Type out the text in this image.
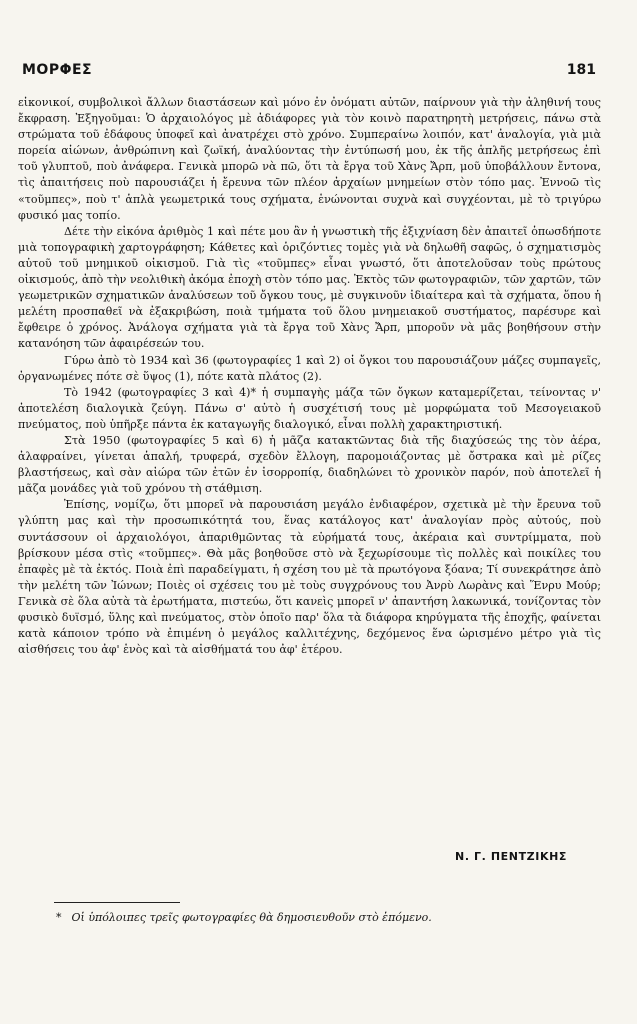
ΜΟΡΦΕΣ	181

εἰκονικοί, συμβολικοὶ ἄλλων διαστάσεων καὶ μόνο ἐν ὀνόματι αὐτῶν, παίρνουν γιὰ τὴν ἀληθινή τους ἔκφραση. Ἐξηγοῦμαι: Ὁ ἀρχαιολόγος μὲ ἀδιάφορες γιὰ τὸν κοινὸ παρατηρητὴ μετρήσεις, πάνω στὰ στρώματα τοῦ ἐδάφους ὑποφεῖ καὶ ἀνατρέχει στὸ χρόνο. Συμπεραίνω λοιπόν, κατ' ἀναλογία, γιὰ μιὰ πορεία αἰώνων, ἀνθρώπινη καὶ ζωϊκή, ἀναλύοντας τὴν ἐντύπωσή μου, ἐκ τῆς ἁπλῆς μετρήσεως ἐπὶ τοῦ γλυπτοῦ, ποὺ ἀνάφερα. Γενικὰ μπορῶ νὰ πῶ, ὅτι τὰ ἔργα τοῦ Χὰνς Ἄρπ, μοῦ ὑποβάλλουν ἔντονα, τὶς ἀπαιτήσεις ποὺ παρουσιάζει ἡ ἔρευνα τῶν πλέον ἀρχαίων μνημείων στὸν τόπο μας. Ἐννοῶ τὶς «τοῦμπες», ποὺ τ' ἁπλὰ γεωμετρικά τους σχήματα, ἑνώνονται συχνὰ καὶ συγχέονται, μὲ τὸ τριγύρω φυσικό μας τοπίο.

Δέτε τὴν εἰκόνα ἀριθμὸς 1 καὶ πέτε μου ἂν ἡ γνωστικὴ τῆς ἐξιχνίαση δὲν ἀπαιτεῖ ὁπωσδήποτε μιὰ τοπογραφικὴ χαρτογράφηση; Κάθετες καὶ ὁριζόντιες τομὲς γιὰ νὰ δηλωθῆ σαφῶς, ὁ σχηματισμὸς αὐτοῦ τοῦ μνημικοῦ οἰκισμοῦ. Γιὰ τὶς «τοῦμπες» εἶναι γνωστό, ὅτι ἀποτελοῦσαν τοὺς πρώτους οἰκισμούς, ἀπὸ τὴν νεολιθικὴ ἀκόμα ἐποχὴ στὸν τόπο μας. Ἐκτὸς τῶν φωτογραφιῶν, τῶν χαρτῶν, τῶν γεωμετρικῶν σχηματικῶν ἀναλύσεων τοῦ ὄγκου τους, μὲ συγκινοῦν ἰδιαίτερα καὶ τὰ σχήματα, ὅπου ἡ μελέτη προσπαθεῖ νὰ ἐξακριβώση, ποιὰ τμήματα τοῦ ὅλου μνημειακοῦ συστήματος, παρέσυρε καὶ ἔφθειρε ὁ χρόνος. Ἀνάλογα σχήματα γιὰ τὰ ἔργα τοῦ Χὰνς Ἄρπ, μποροῦν νὰ μᾶς βοηθήσουν στὴν κατανόηση τῶν ἀφαιρέσεών του.

Γύρω ἀπὸ τὸ 1934 καὶ 36 (φωτογραφίες 1 καὶ 2) οἱ ὄγκοι του παρουσιάζουν μάζες συμπαγεῖς, ὀργανωμένες πότε σὲ ὕψος (1), πότε κατὰ πλάτος (2).

Τὸ 1942 (φωτογραφίες 3 καὶ 4)* ἡ συμπαγὴς μάζα τῶν ὄγκων καταμερίζεται, τείνοντας ν' ἀποτελέση διαλογικὰ ζεύγη. Πάνω σ' αὐτὸ ἡ συσχέτισή τους μὲ μορφώματα τοῦ Μεσογειακοῦ πνεύματος, ποὺ ὑπῆρξε πάντα ἐκ καταγωγῆς διαλογικό, εἶναι πολλὴ χαρακτηριστική.

Στὰ 1950 (φωτογραφίες 5 καὶ 6) ἡ μᾶζα κατακτῶντας διὰ τῆς διαχύσεώς της τὸν ἀέρα, ἀλαφραίνει, γίνεται ἁπαλή, τρυφερά, σχεδὸν ἔλλογη, παρομοιάζοντας μὲ ὄστρακα καὶ μὲ ρίζες βλαστήσεως, καὶ σὰν αἰώρα τῶν ἐτῶν ἐν ἰσορροπίᾳ, διαδηλώνει τὸ χρονικὸν παρόν, ποὺ ἀποτελεῖ ἡ μᾶζα μονάδες γιὰ τοῦ χρόνου τὴ στάθμιση.

Ἐπίσης, νομίζω, ὅτι μπορεῖ νὰ παρουσιάση μεγάλο ἐνδιαφέρον, σχετικὰ μὲ τὴν ἔρευνα τοῦ γλύπτη μας καὶ τὴν προσωπικότητά του, ἕνας κατάλογος κατ' ἀναλογίαν πρὸς αὐτούς, ποὺ συντάσσουν οἱ ἀρχαιολόγοι, ἀπαριθμῶντας τὰ εὑρήματά τους, ἀκέραια καὶ συντρίμματα, ποὺ βρίσκουν μέσα στὶς «τοῦμπες». Θὰ μᾶς βοηθοῦσε στὸ νὰ ξεχωρίσουμε τὶς πολλὲς καὶ ποικίλες του ἐπαφὲς μὲ τὰ ἐκτός. Ποιὰ ἐπὶ παραδείγματι, ἡ σχέση του μὲ τὰ πρωτόγονα ξόανα; Τί συνεκράτησε ἀπὸ τὴν μελέτη τῶν Ἰώνων; Ποιὲς οἱ σχέσεις του μὲ τοὺς συγχρόνους του Ἀνρὺ Λωρὰνς καὶ Ἕνρυ Μούρ; Γενικὰ σὲ ὅλα αὐτὰ τὰ ἐρωτήματα, πιστεύω, ὅτι κανεὶς μπορεῖ ν' ἀπαντήση λακωνικά, τονίζοντας τὸν φυσικὸ δυϊσμό, ὕλης καὶ πνεύματος, στὸν ὁποῖο παρ' ὅλα τὰ διάφορα κηρύγματα τῆς ἐποχῆς, φαίνεται κατὰ κάποιον τρόπο νὰ ἐπιμένη ὁ μεγάλος καλλιτέχνης, δεχόμενος ἕνα ὡρισμένο μέτρο γιὰ τὶς αἰσθήσεις του ἀφ' ἑνὸς καὶ τὰ αἰσθήματά του ἀφ' ἑτέρου.

Ν. Γ. ΠΕΝΤΖΙΚΗΣ
* Οἱ ὑπόλοιπες τρεῖς φωτογραφίες θὰ δημοσιευθοῦν στὸ ἑπόμενο.
